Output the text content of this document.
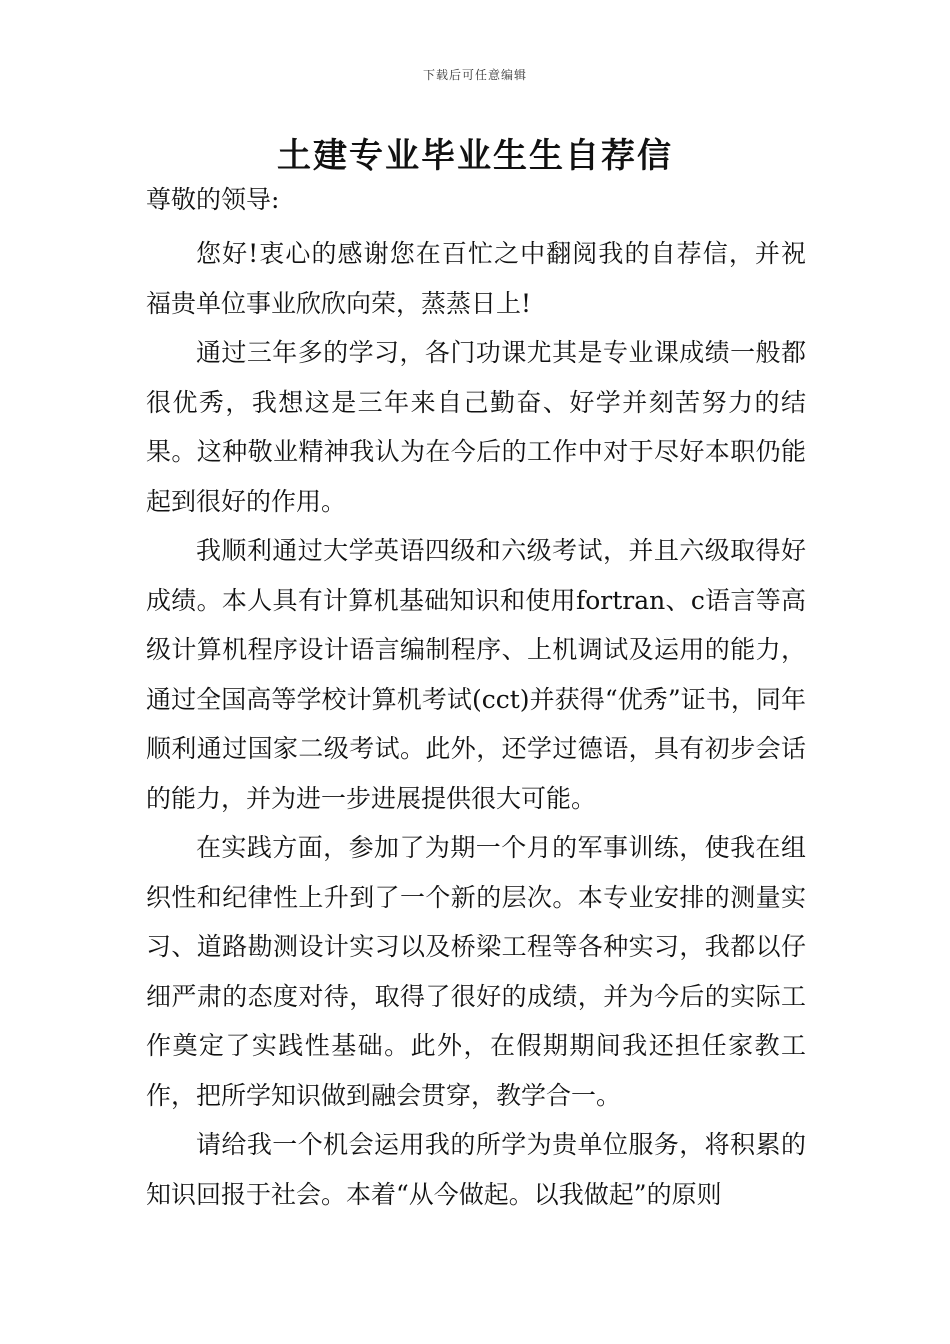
下载后可任意编辑
土建专业毕业生生自荐信
尊敬的领导:

您好!衷心的感谢您在百忙之中翻阅我的自荐信，并祝福贵单位事业欣欣向荣，蒸蒸日上!

通过三年多的学习，各门功课尤其是专业课成绩一般都很优秀，我想这是三年来自己勤奋、好学并刻苦努力的结果。这种敬业精神我认为在今后的工作中对于尽好本职仍能起到很好的作用。

我顺利通过大学英语四级和六级考试，并且六级取得好成绩。本人具有计算机基础知识和使用fortran、c语言等高级计算机程序设计语言编制程序、上机调试及运用的能力，通过全国高等学校计算机考试(cct)并获得“优秀”证书，同年顺利通过国家二级考试。此外，还学过德语，具有初步会话的能力，并为进一步进展提供很大可能。

在实践方面，参加了为期一个月的军事训练，使我在组织性和纪律性上升到了一个新的层次。本专业安排的测量实习、道路勘测设计实习以及桥梁工程等各种实习，我都以仔细严肃的态度对待，取得了很好的成绩，并为今后的实际工作奠定了实践性基础。此外，在假期期间我还担任家教工作，把所学知识做到融会贯穿，教学合一。

请给我一个机会运用我的所学为贵单位服务，将积累的知识回报于社会。本着“从今做起。以我做起”的原则
